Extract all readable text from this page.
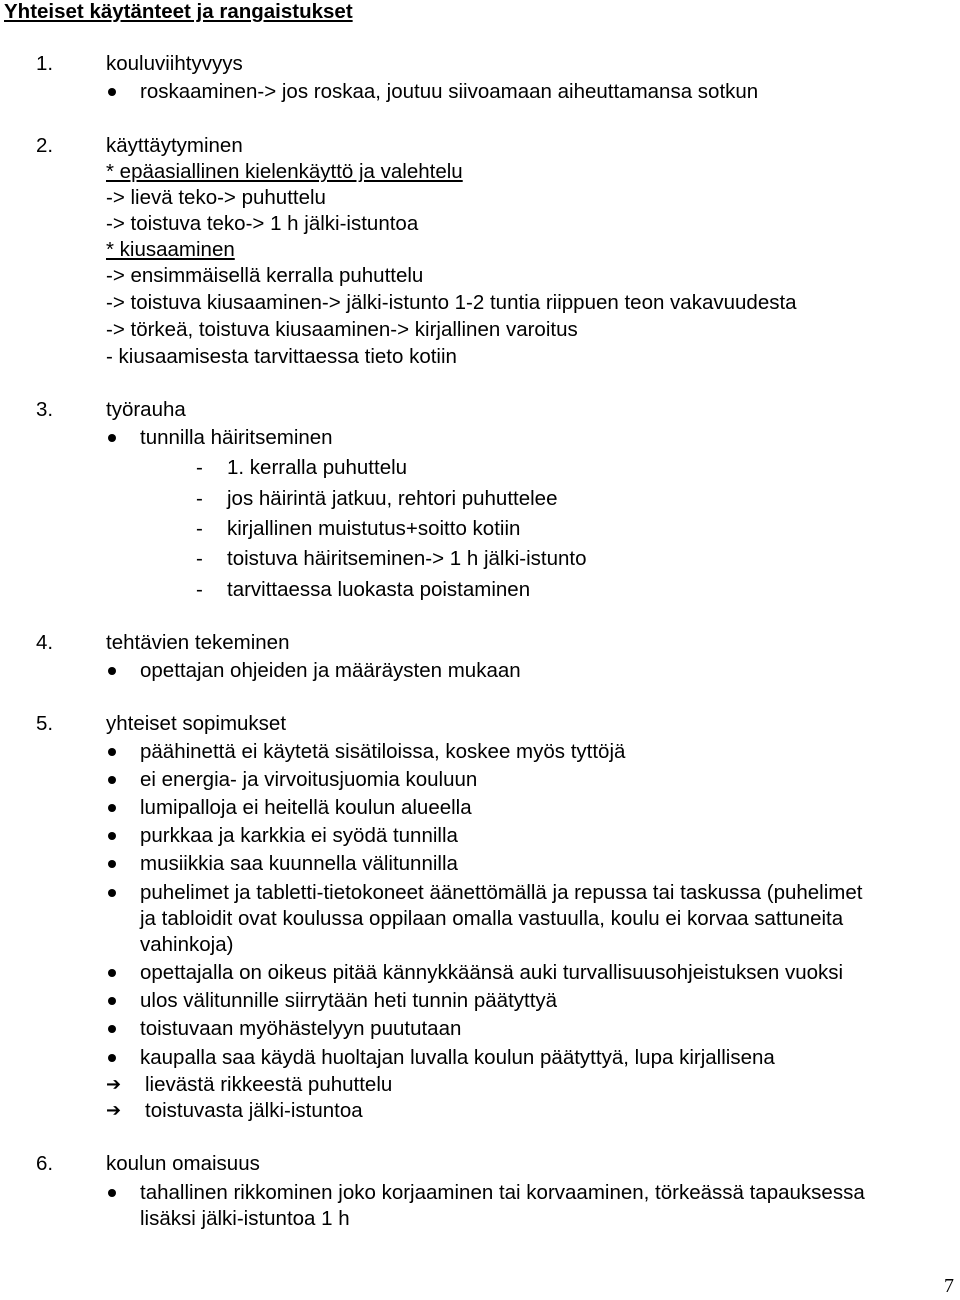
Yhteiset käytänteet ja rangaistukset
1.	kouluviihtyvyys
roskaaminen-> jos roskaa, joutuu siivoamaan aiheuttamansa sotkun
2.	käyttäytyminen
* epäasiallinen kielenkäyttö ja valehtelu
-> lievä teko-> puhuttelu
-> toistuva teko-> 1 h jälki-istuntoa
* kiusaaminen
-> ensimmäisellä kerralla puhuttelu
-> toistuva kiusaaminen-> jälki-istunto 1-2 tuntia riippuen teon vakavuudesta
-> törkeä, toistuva kiusaaminen-> kirjallinen varoitus
- kiusaamisesta tarvittaessa tieto kotiin
3.	työrauha
tunnilla häiritseminen
- 1. kerralla puhuttelu
- jos häirintä jatkuu, rehtori puhuttelee
- kirjallinen muistutus+soitto kotiin
- toistuva häiritseminen-> 1 h jälki-istunto
- tarvittaessa luokasta poistaminen
4.	tehtävien tekeminen
opettajan ohjeiden ja määräysten mukaan
5.	yhteiset sopimukset
päähinettä ei käytetä sisätiloissa, koskee myös tyttöjä
ei energia- ja virvoitusjuomia kouluun
lumipalloja ei heitellä koulun alueella
purkkaa ja karkkia ei syödä tunnilla
musiikkia saa kuunnella välitunnilla
puhelimet ja tabletti-tietokoneet äänettömällä ja repussa tai taskussa (puhelimet
ja tabloidit ovat koulussa oppilaan omalla vastuulla, koulu ei korvaa sattuneita
vahinkoja)
opettajalla on oikeus pitää kännykkäänsä auki turvallisuusohjeistuksen vuoksi
ulos välitunnille siirrytään heti tunnin päätyttyä
toistuvaan myöhästelyyn puututaan
kaupalla saa käydä huoltajan luvalla koulun päätyttyä, lupa kirjallisena
➔ lievästä rikkeestä puhuttelu
➔ toistuvasta jälki-istuntoa
6.	koulun omaisuus
tahallinen rikkominen joko korjaaminen tai korvaaminen, törkeässä tapauksessa
lisäksi jälki-istuntoa 1 h
7
